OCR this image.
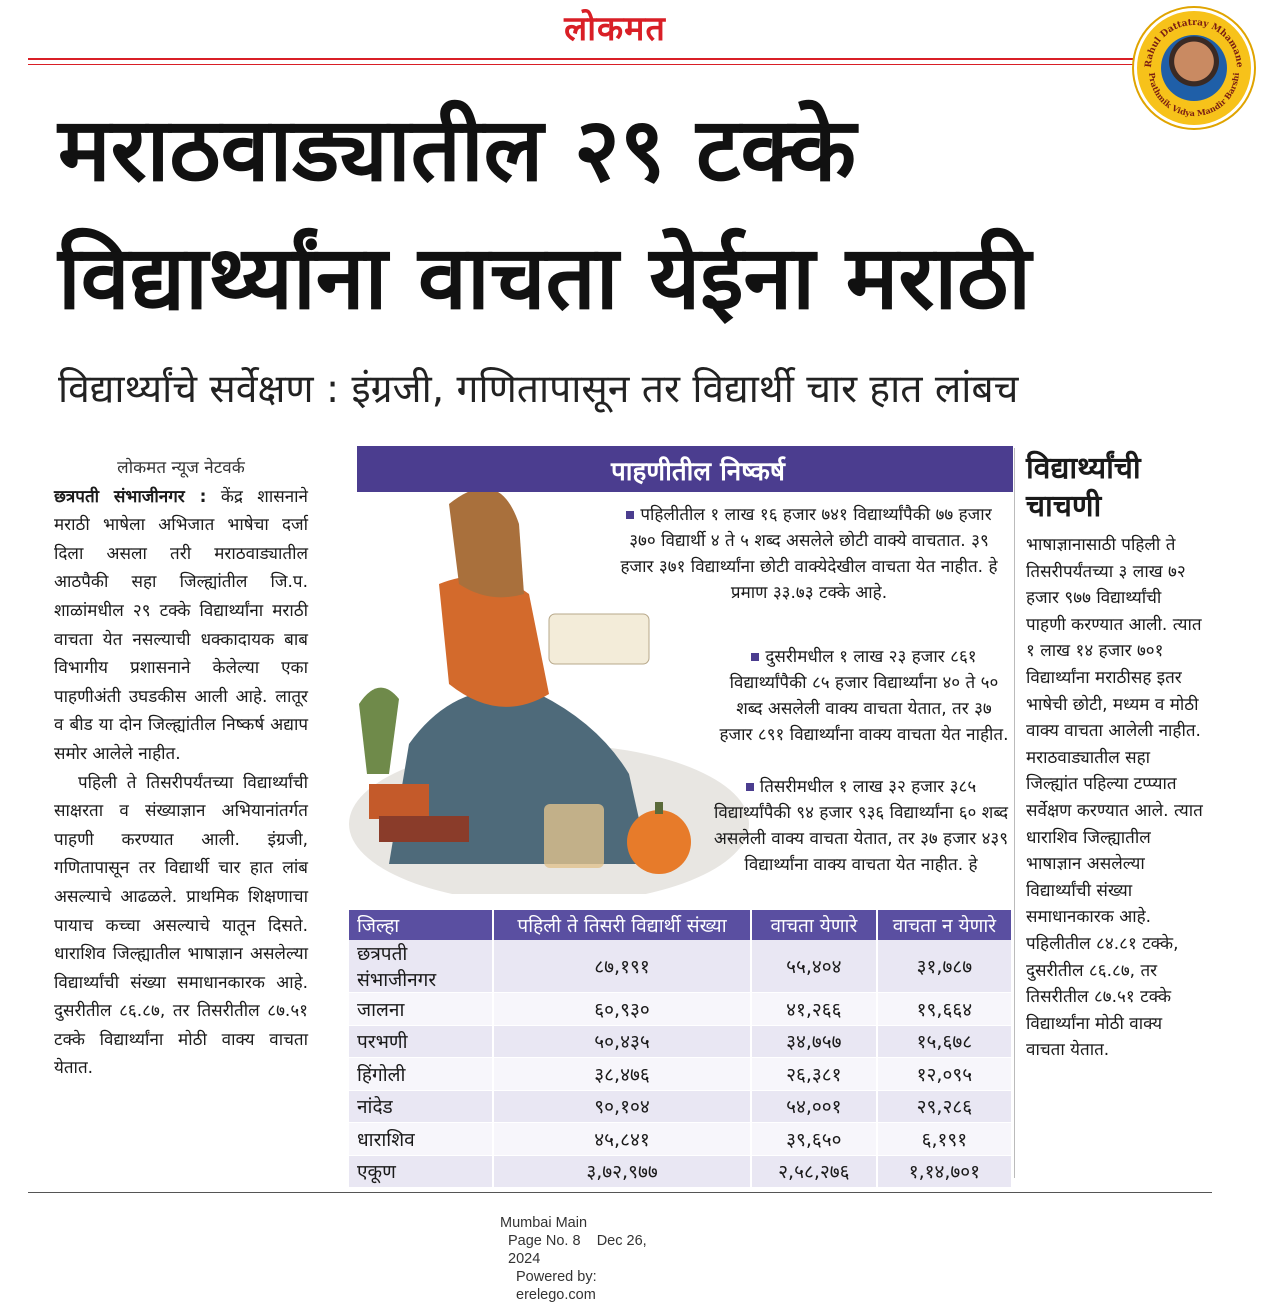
लोकमत
Rahul Dattatray Mhamane
Prathmik Vidya Mandir Barshi
मराठवाड्यातील २९ टक्के
विद्यार्थ्यांना वाचता येईना मराठी
विद्यार्थ्यांचे सर्वेक्षण : इंग्रजी, गणितापासून तर विद्यार्थी चार हात लांबच
लोकमत न्यूज नेटवर्क

छत्रपती संभाजीनगर : केंद्र शासनाने मराठी भाषेला अभिजात भाषेचा दर्जा दिला असला तरी मराठवाड्यातील आठपैकी सहा जिल्ह्यांतील जि.प. शाळांमधील २९ टक्के विद्यार्थ्यांना मराठी वाचता येत नसल्याची धक्कादायक बाब विभागीय प्रशासनाने केलेल्या एका पाहणीअंती उघडकीस आली आहे. लातूर व बीड या दोन जिल्ह्यांतील निष्कर्ष अद्याप समोर आलेले नाहीत.

पहिली ते तिसरीपर्यंतच्या विद्यार्थ्यांची साक्षरता व संख्याज्ञान अभियानांतर्गत पाहणी करण्यात आली. इंग्रजी, गणितापासून तर विद्यार्थी चार हात लांब असल्याचे आढळले. प्राथमिक शिक्षणाचा पायाच कच्चा असल्याचे यातून दिसते. धाराशिव जिल्ह्यातील भाषाज्ञान असलेल्या विद्यार्थ्यांची संख्या समाधानकारक आहे. दुसरीतील ८६.८७, तर तिसरीतील ८७.५१ टक्के विद्यार्थ्यांना मोठी वाक्य वाचता येतात.

पाहणीतील निष्कर्ष
पहिलीतील १ लाख १६ हजार ७४१ विद्यार्थ्यांपैकी ७७ हजार ३७० विद्यार्थी ४ ते ५ शब्द असलेले छोटी वाक्ये वाचतात. ३९ हजार ३७१ विद्यार्थ्यांना छोटी वाक्येदेखील वाचता येत नाहीत. हे प्रमाण ३३.७३ टक्के आहे.
दुसरीमधील १ लाख २३ हजार ८६१ विद्यार्थ्यांपैकी ८५ हजार विद्यार्थ्यांना ४० ते ५० शब्द असलेली वाक्य वाचता येतात, तर ३७ हजार ८९१ विद्यार्थ्यांना वाक्य वाचता येत नाहीत.
तिसरीमधील १ लाख ३२ हजार ३८५ विद्यार्थ्यांपैकी ९४ हजार ९३६ विद्यार्थ्यांना ६० शब्द असलेली वाक्य वाचता येतात, तर ३७ हजार ४३९ विद्यार्थ्यांना वाक्य वाचता येत नाहीत. हे
जिल्हा	पहिली ते तिसरी विद्यार्थी संख्या	वाचता येणारे	वाचता न येणारे
छत्रपती संभाजीनगर	८७,१९१	५५,४०४	३१,७८७
जालना	६०,९३०	४१,२६६	१९,६६४
परभणी	५०,४३५	३४,७५७	१५,६७८
हिंगोली	३८,४७६	२६,३८१	१२,०९५
नांदेड	९०,१०४	५४,००१	२९,२८६
धाराशिव	४५,८४१	३९,६५०	६,१९१
एकूण	३,७२,९७७	२,५८,२७६	१,१४,७०१
विद्यार्थ्यांची चाचणी
भाषाज्ञानासाठी पहिली ते तिसरीपर्यंतच्या ३ लाख ७२ हजार ९७७ विद्यार्थ्यांची पाहणी करण्यात आली. त्यात १ लाख १४ हजार ७०१ विद्यार्थ्यांना मराठीसह इतर भाषेची छोटी, मध्यम व मोठी वाक्य वाचता आलेली नाहीत. मराठवाड्यातील सहा जिल्ह्यांत पहिल्या टप्प्यात सर्वेक्षण करण्यात आले. त्यात धाराशिव जिल्ह्यातील भाषाज्ञान असलेल्या विद्यार्थ्यांची संख्या समाधानकारक आहे. पहिलीतील ८४.८१ टक्के, दुसरीतील ८६.८७, तर तिसरीतील ८७.५१ टक्के विद्यार्थ्यांना मोठी वाक्य वाचता येतात.
Mumbai Main
Page No. 8 Dec 26, 2024
Powered by: erelego.com
